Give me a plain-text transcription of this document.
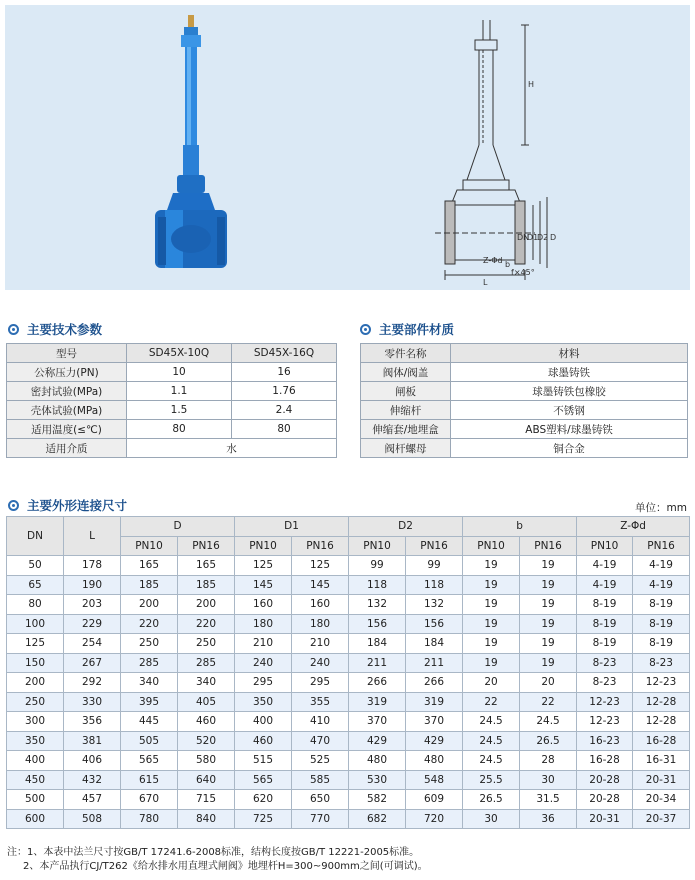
H
DN
D1
D2 D
b
L
Z-Φd
f×45°
主要技术参数
型号	SD45X-10Q	SD45X-16Q
公称压力(PN)	10	16
密封试验(MPa)	1.1	1.76
壳体试验(MPa)	1.5	2.4
适用温度(≤℃)	80	80
适用介质	水	
主要部件材质
零件名称	材料
阀体/阀盖	球墨铸铁
闸板	球墨铸铁包橡胶
伸缩杆	不锈钢
伸缩套/地埋盒	ABS塑料/球墨铸铁
阀杆螺母	铜合金
主要外形连接尺寸	单位：mm
DN	L	D		D1		D2		b		Z-Φd	
		PN10	PN16	PN10	PN16	PN10	PN16	PN10	PN16	PN10	PN16
50	178	165	165	125	125	99	99	19	19	4-19	4-19
65	190	185	185	145	145	118	118	19	19	4-19	4-19
80	203	200	200	160	160	132	132	19	19	8-19	8-19
100	229	220	220	180	180	156	156	19	19	8-19	8-19
125	254	250	250	210	210	184	184	19	19	8-19	8-19
150	267	285	285	240	240	211	211	19	19	8-23	8-23
200	292	340	340	295	295	266	266	20	20	8-23	12-23
250	330	395	405	350	355	319	319	22	22	12-23	12-28
300	356	445	460	400	410	370	370	24.5	24.5	12-23	12-28
350	381	505	520	460	470	429	429	24.5	26.5	16-23	16-28
400	406	565	580	515	525	480	480	24.5	28	16-28	16-31
450	432	615	640	565	585	530	548	25.5	30	20-28	20-31
500	457	670	715	620	650	582	609	26.5	31.5	20-28	20-34
600	508	780	840	725	770	682	720	30	36	20-31	20-37
注：1、本表中法兰尺寸按GB/T 17241.6-2008标准，结构长度按GB/T 12221-2005标准。
2、本产品执行CJ/T262《给水排水用直埋式闸阀》地埋杆H=300~900mm之间(可调试)。
